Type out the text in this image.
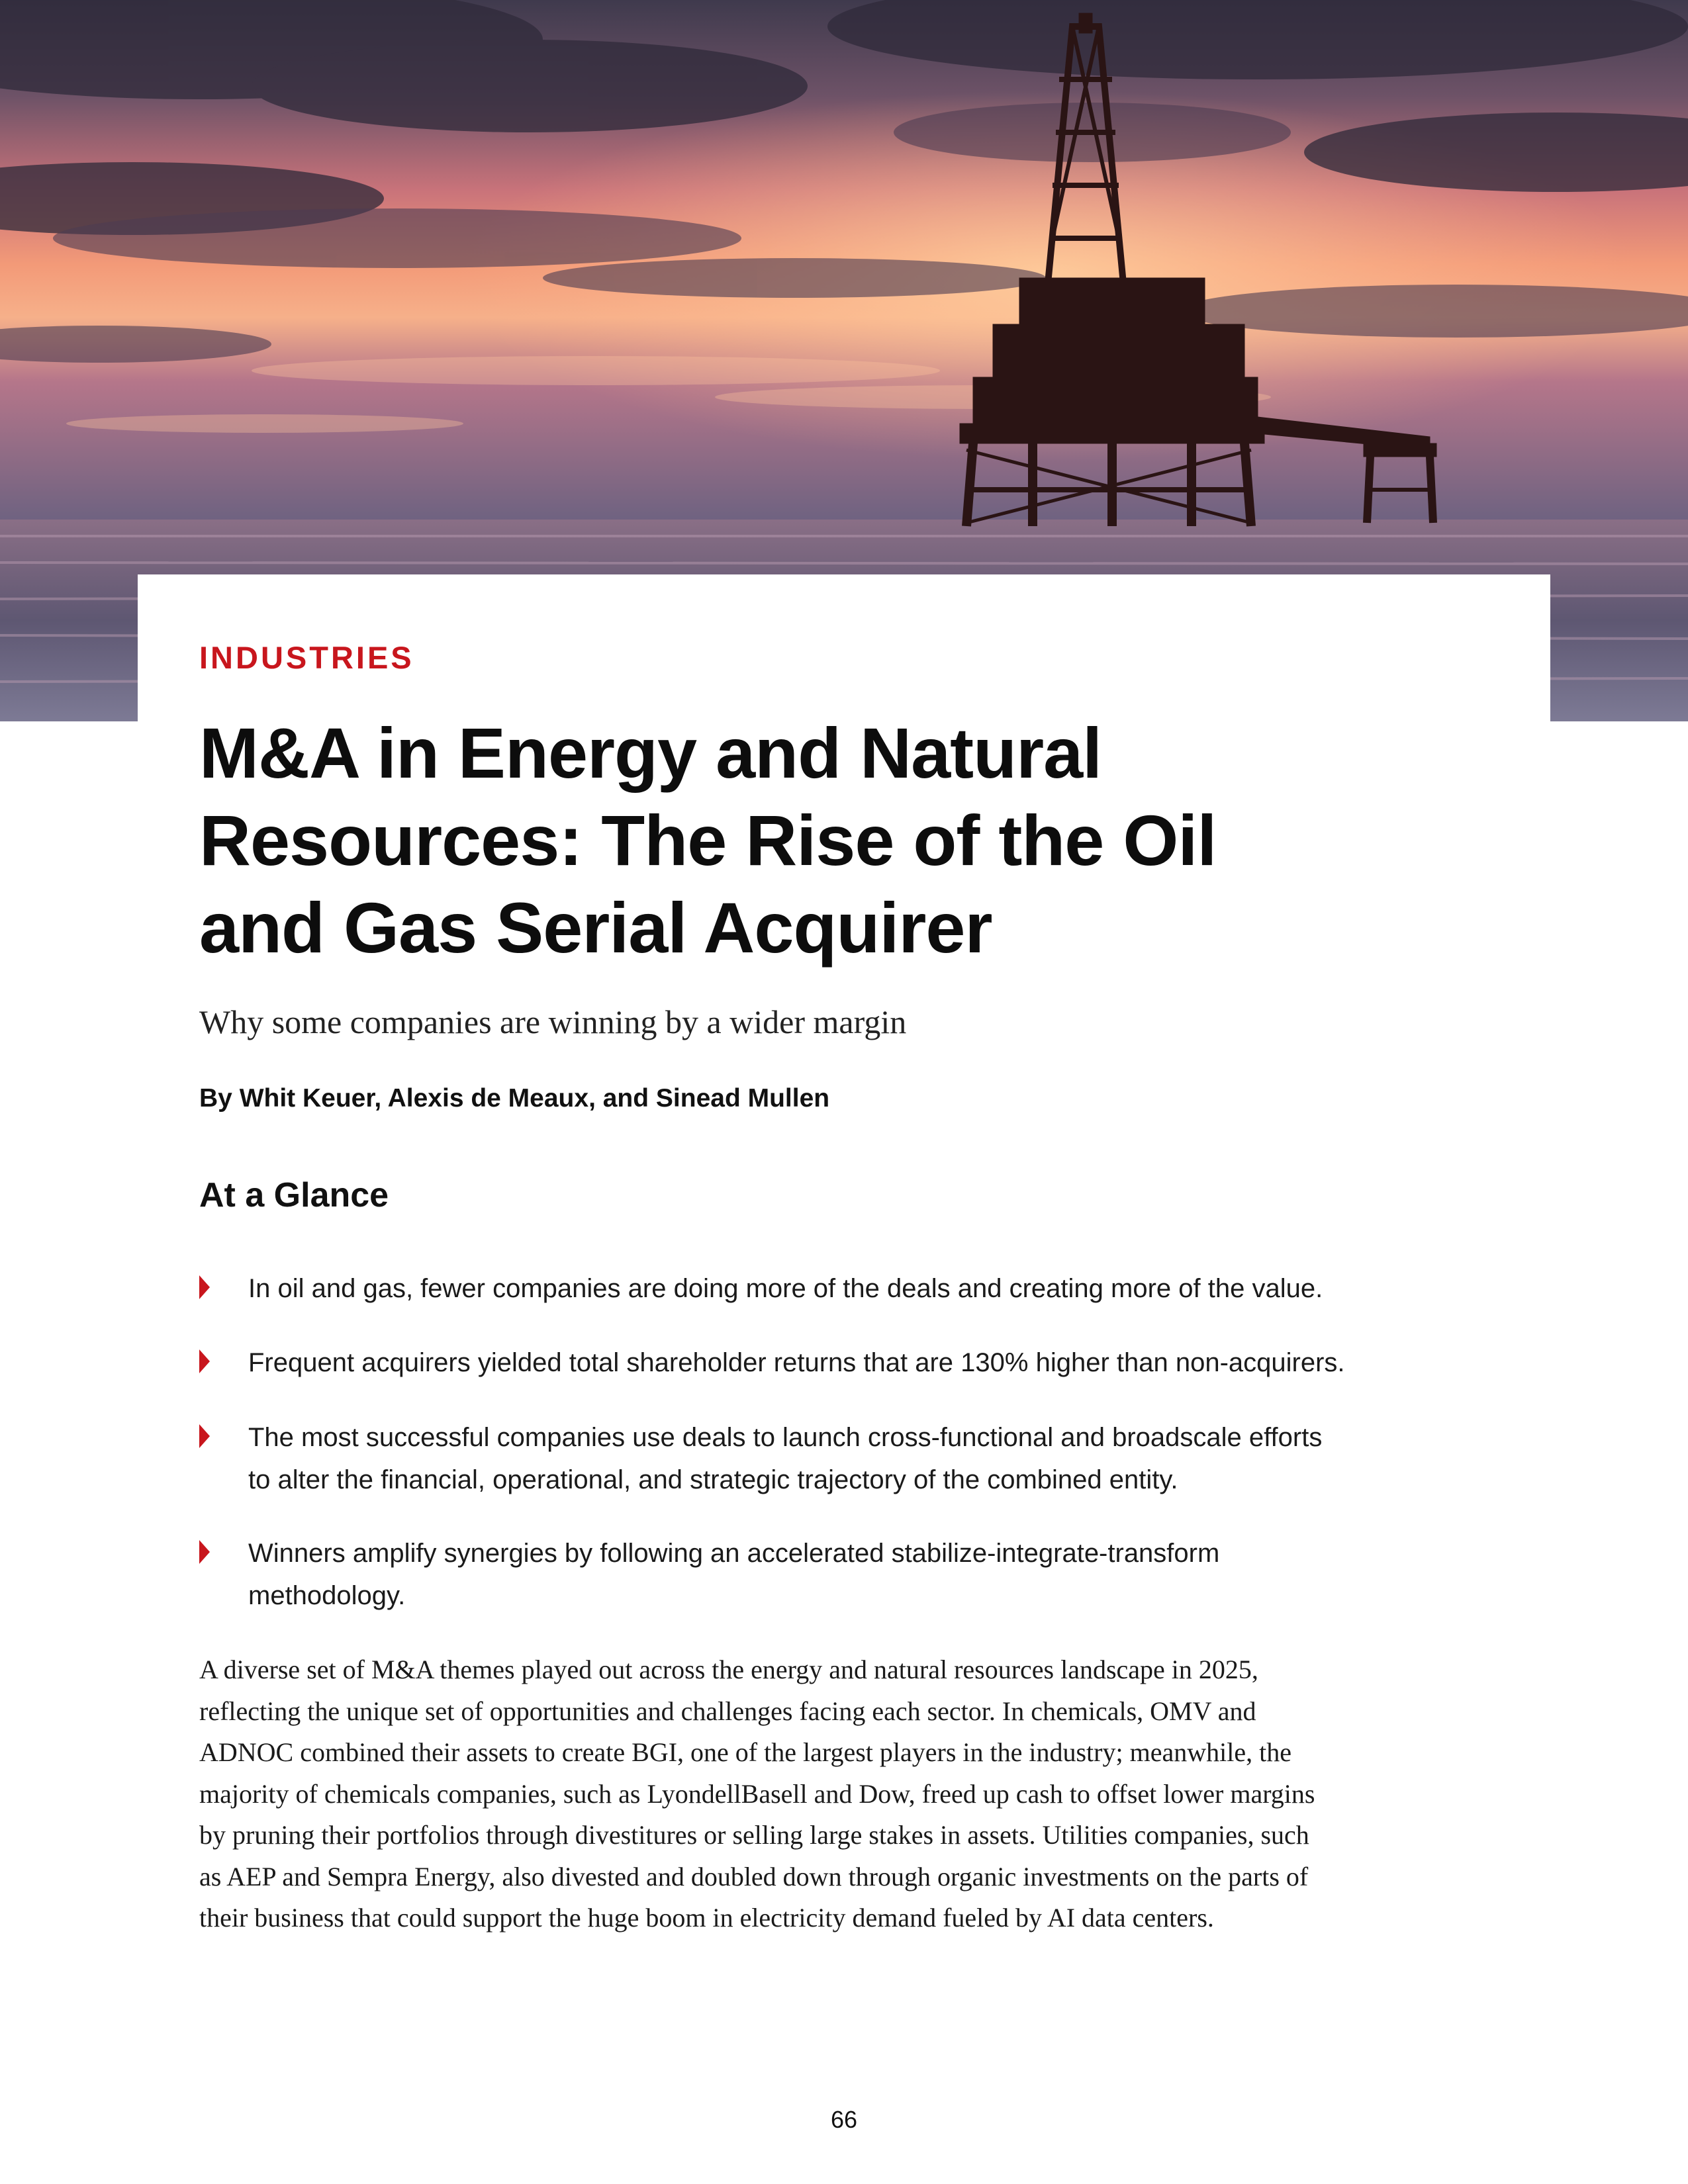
INDUSTRIES
M&A in Energy and Natural
Resources: The Rise of the Oil
and Gas Serial Acquirer
Why some companies are winning by a wider margin
By Whit Keuer, Alexis de Meaux, and Sinead Mullen
At a Glance
In oil and gas, fewer companies are doing more of the deals and creating more of the value.
Frequent acquirers yielded total shareholder returns that are 130% higher than non-acquirers.
The most successful companies use deals to launch cross-functional and broadscale efforts
to alter the financial, operational, and strategic trajectory of the combined entity.
Winners amplify synergies by following an accelerated stabilize-integrate-transform
methodology.
A diverse set of M&A themes played out across the energy and natural resources landscape in 2025,
reflecting the unique set of opportunities and challenges facing each sector. In chemicals, OMV and
ADNOC combined their assets to create BGI, one of the largest players in the industry; meanwhile, the
majority of chemicals companies, such as LyondellBasell and Dow, freed up cash to offset lower margins
by pruning their portfolios through divestitures or selling large stakes in assets. Utilities companies, such
as AEP and Sempra Energy, also divested and doubled down through organic investments on the parts of
their business that could support the huge boom in electricity demand fueled by AI data centers.
66
